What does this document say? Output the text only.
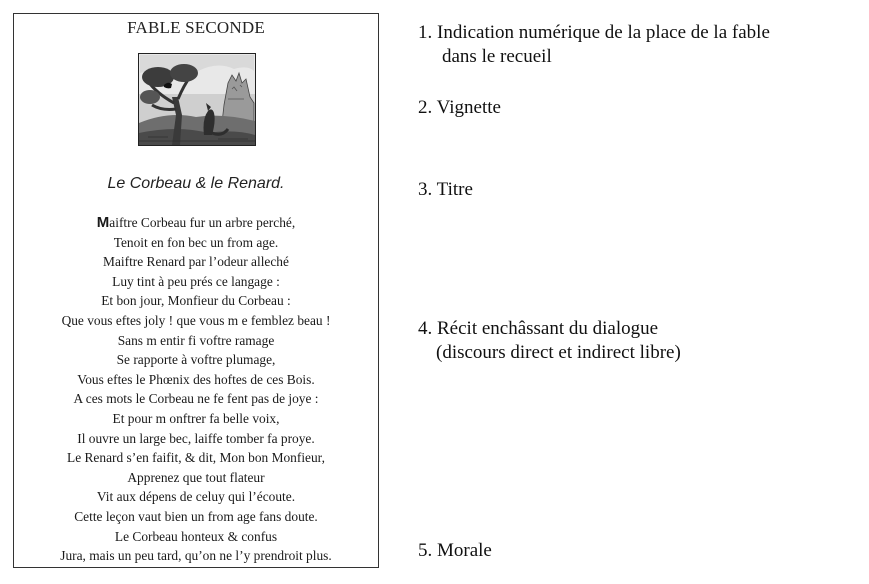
FABLE SECONDE
Le Corbeau & le Renard.
Maiftre Corbeau fur un arbre perché,
Tenoit en fon bec un from age.
Maiftre Renard par l’odeur alleché
Luy tint à peu prés ce langage :
Et bon jour, Monfieur du Corbeau :
Que vous eftes joly ! que vous m e femblez beau !
Sans m entir fi voftre ramage
Se rapporte à voftre plumage,
Vous eftes le Phœnix des hoftes de ces Bois.
A ces mots le Corbeau ne fe fent pas de joye :
Et pour m onftrer fa belle voix,
Il ouvre un large bec, laiffe tomber fa proye.
Le Renard s’en faifit, & dit, Mon bon Monfieur,
Apprenez que tout flateur
Vit aux dépens de celuy qui l’écoute.
Cette leçon vaut bien un from age fans doute.
Le Corbeau honteux & confus
Jura, mais un peu tard, qu’on ne l’y prendroit plus.
1. Indication numérique de la place de la fable
dans le recueil
2. Vignette
3. Titre
4. Récit enchâssant du dialogue
(discours direct et indirect libre)
5. Morale
